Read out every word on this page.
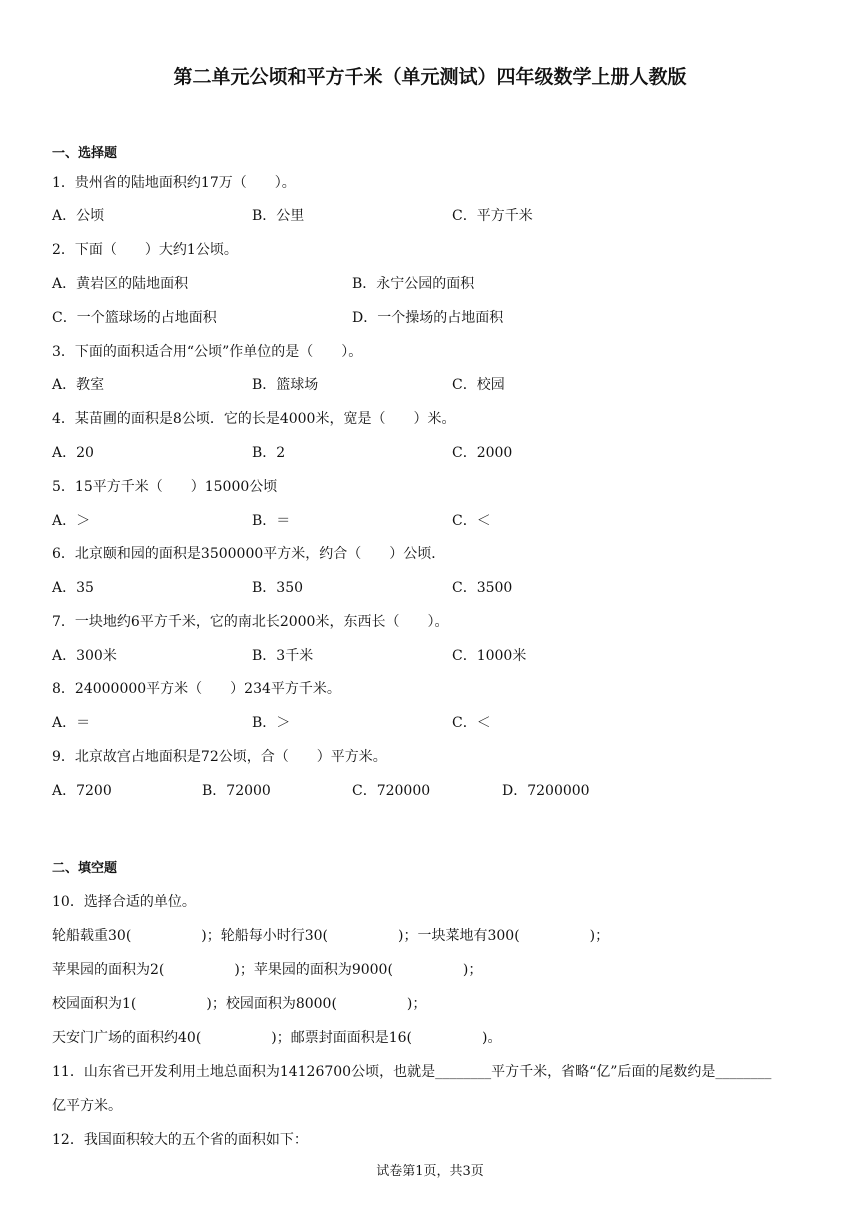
第二单元公顷和平方千米（单元测试）四年级数学上册人教版
一、选择题
1．贵州省的陆地面积约17万（　　）。
A．公顷	B．公里	C．平方千米
2．下面（　　）大约1公顷。
A．黄岩区的陆地面积	B．永宁公园的面积
C．一个篮球场的占地面积	D．一个操场的占地面积
3．下面的面积适合用“公顷”作单位的是（　　）。
A．教室	B．篮球场	C．校园
4．某苗圃的面积是8公顷．它的长是4000米，宽是（　　）米。
A．20	B．2	C．2000
5．15平方千米（　　）15000公顷
A．＞	B．＝	C．＜
6．北京颐和园的面积是3500000平方米，约合（　　）公顷．
A．35	B．350	C．3500
7．一块地约6平方千米，它的南北长2000米，东西长（　　）。
A．300米	B．3千米	C．1000米
8．24000000平方米（　　）234平方千米。
A．＝	B．＞	C．＜
9．北京故宫占地面积是72公顷，合（　　）平方米。
A．7200	B．72000	C．720000	D．7200000
二、填空题
10．选择合适的单位。
轮船载重30(　　　　　)；轮船每小时行30(　　　　　)；一块菜地有300(　　　　　)；
苹果园的面积为2(　　　　　)；苹果园的面积为9000(　　　　　)；
校园面积为1(　　　　　)；校园面积为8000(　　　　　)；
天安门广场的面积约40(　　　　　)；邮票封面面积是16(　　　　　)。
11．山东省已开发利用土地总面积为14126700公顷，也就是________平方千米，省略“亿”后面的尾数约是________
亿平方米。
12．我国面积较大的五个省的面积如下：
试卷第1页，共3页
